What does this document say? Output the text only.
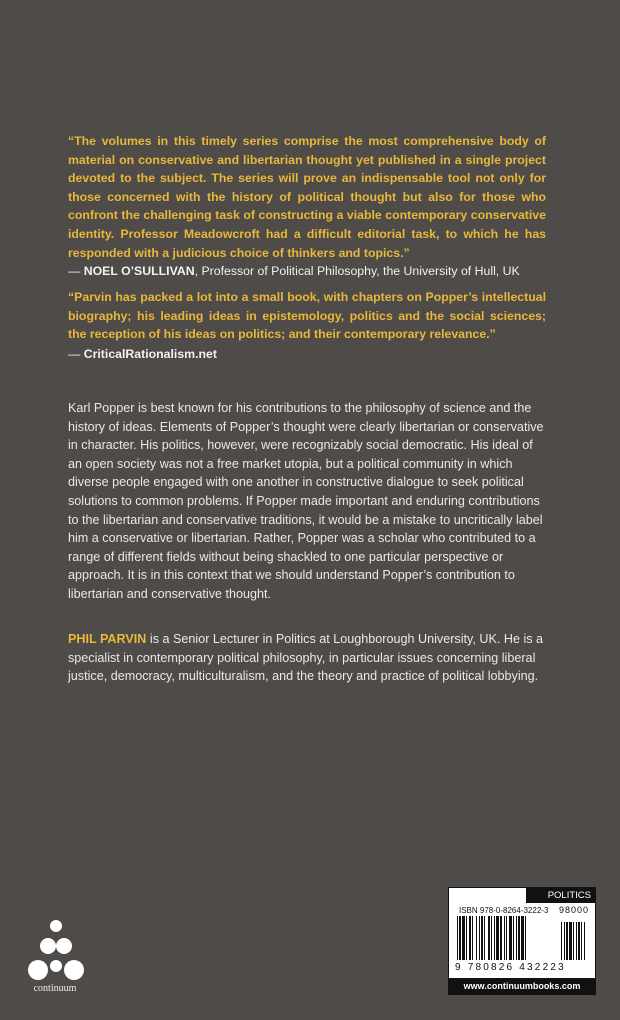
“The volumes in this timely series comprise the most comprehensive body of material on conservative and libertarian thought yet published in a single project devoted to the subject. The series will prove an indispensable tool not only for those concerned with the history of political thought but also for those who confront the challenging task of constructing a viable contemporary conservative identity. Professor Meadowcroft had a difficult editorial task, to which he has responded with a judicious choice of thinkers and topics.”

— NOEL O’SULLIVAN, Professor of Political Philosophy, the University of Hull, UK

“Parvin has packed a lot into a small book, with chapters on Popper’s intellectual biography; his leading ideas in epistemology, politics and the social sciences; the reception of his ideas on politics; and their contemporary relevance.”

— CriticalRationalism.net

Karl Popper is best known for his contributions to the philosophy of science and the history of ideas. Elements of Popper’s thought were clearly libertarian or conservative in character. His politics, however, were recognizably social democratic. His ideal of an open society was not a free market utopia, but a political community in which diverse people engaged with one another in constructive dialogue to seek political solutions to common problems. If Popper made important and enduring contributions to the libertarian and conservative traditions, it would be a mistake to uncritically label him a conservative or libertarian. Rather, Popper was a scholar who contributed to a range of different fields without being shackled to one particular perspective or approach. It is in this context that we should understand Popper’s contribution to libertarian and conservative thought.

PHIL PARVIN is a Senior Lecturer in Politics at Loughborough University, UK. He is a specialist in contemporary political philosophy, in particular issues concerning liberal justice, democracy, multiculturalism, and the theory and practice of political lobbying.

continuum
POLITICS
ISBN 978-0-8264-3222-3 98000
9 780826 432223
www.continuumbooks.com
